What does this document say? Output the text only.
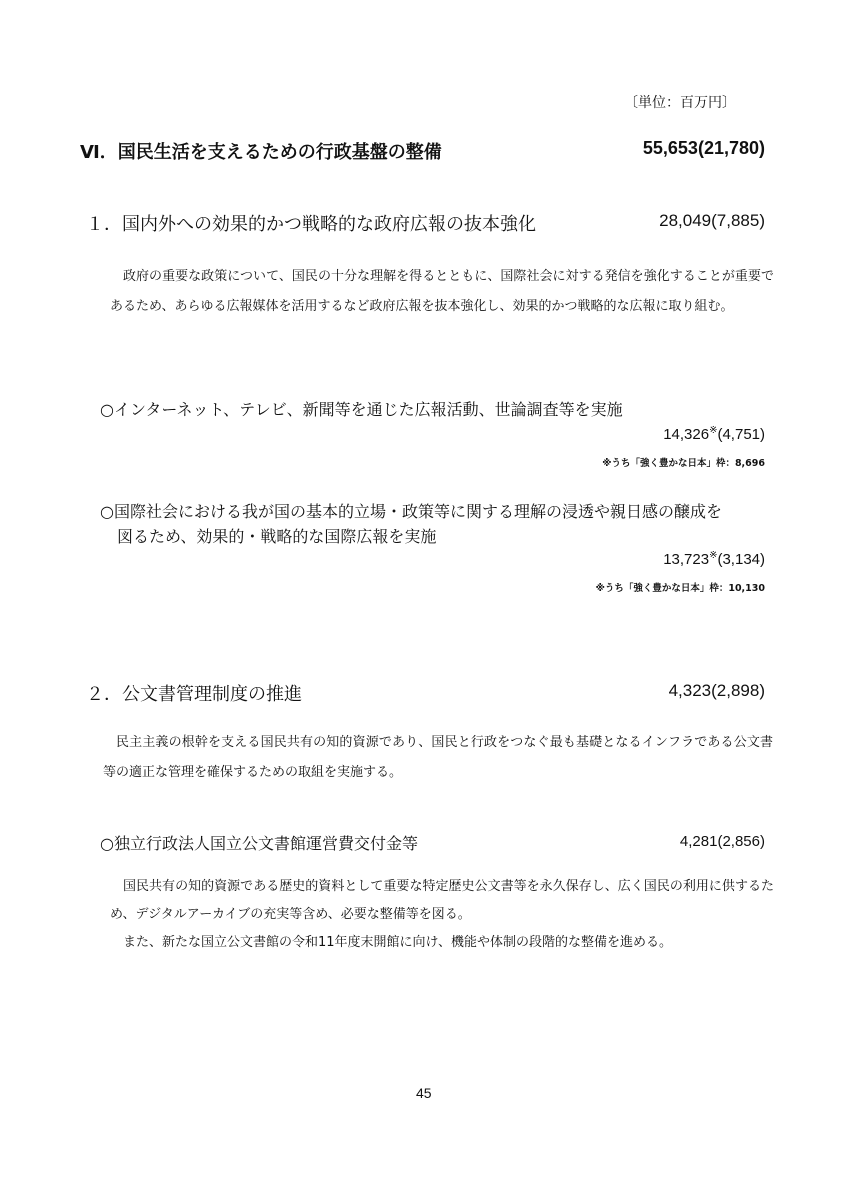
〔単位：百万円〕
Ⅵ．国民生活を支えるための行政基盤の整備	55,653(21,780)
１．国内外への効果的かつ戦略的な政府広報の抜本強化	28,049(7,885)
政府の重要な政策について、国民の十分な理解を得るとともに、国際社会に対する発信を強化することが重要であるため、あらゆる広報媒体を活用するなど政府広報を抜本強化し、効果的かつ戦略的な広報に取り組む。
○インターネット、テレビ、新聞等を通じた広報活動、世論調査等を実施
14,326※(4,751)
※うち「強く豊かな日本」枠：8,696
○国際社会における我が国の基本的立場・政策等に関する理解の浸透や親日感の醸成を
図るため、効果的・戦略的な国際広報を実施
13,723※(3,134)
※うち「強く豊かな日本」枠：10,130
２．公文書管理制度の推進	4,323(2,898)
民主主義の根幹を支える国民共有の知的資源であり、国民と行政をつなぐ最も基礎となるインフラである公文書等の適正な管理を確保するための取組を実施する。
○独立行政法人国立公文書館運営費交付金等	4,281(2,856)
国民共有の知的資源である歴史的資料として重要な特定歴史公文書等を永久保存し、広く国民の利用に供するため、デジタルアーカイブの充実等含め、必要な整備等を図る。
また、新たな国立公文書館の令和11年度末開館に向け、機能や体制の段階的な整備を進める。
45
